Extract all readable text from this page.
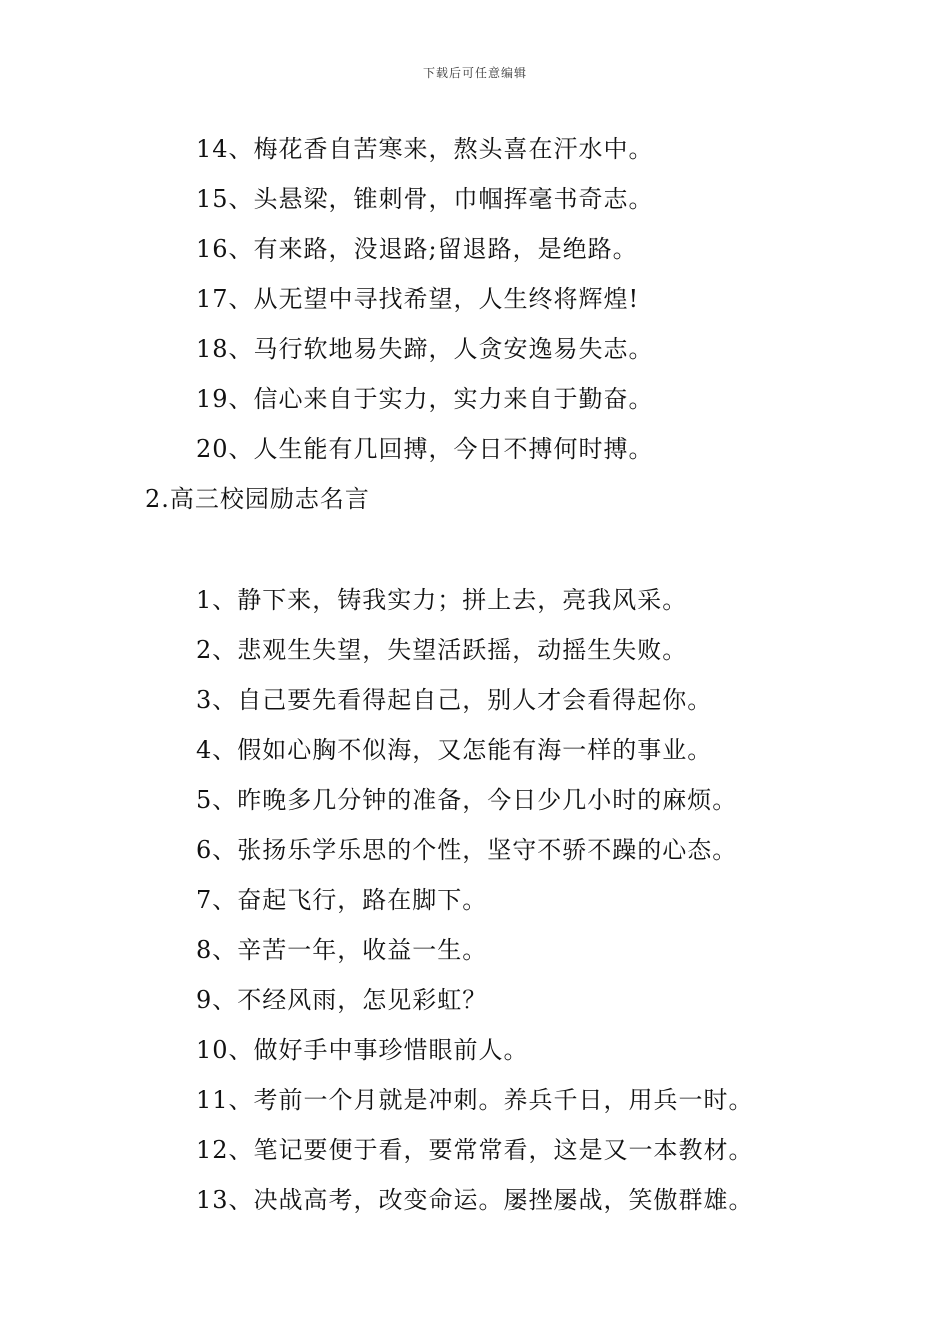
下载后可任意编辑
14、梅花香自苦寒来，熬头喜在汗水中。
15、头悬梁，锥刺骨，巾帼挥毫书奇志。
16、有来路，没退路;留退路，是绝路。
17、从无望中寻找希望，人生终将辉煌!
18、马行软地易失蹄，人贪安逸易失志。
19、信心来自于实力，实力来自于勤奋。
20、人生能有几回搏，今日不搏何时搏。
2.高三校园励志名言
1、静下来，铸我实力；拼上去，亮我风采。
2、悲观生失望，失望活跃摇，动摇生失败。
3、自己要先看得起自己，别人才会看得起你。
4、假如心胸不似海，又怎能有海一样的事业。
5、昨晚多几分钟的准备，今日少几小时的麻烦。
6、张扬乐学乐思的个性，坚守不骄不躁的心态。
7、奋起飞行，路在脚下。
8、辛苦一年，收益一生。
9、不经风雨，怎见彩虹？
10、做好手中事珍惜眼前人。
11、考前一个月就是冲刺。养兵千日，用兵一时。
12、笔记要便于看，要常常看，这是又一本教材。
13、决战高考，改变命运。屡挫屡战，笑傲群雄。
